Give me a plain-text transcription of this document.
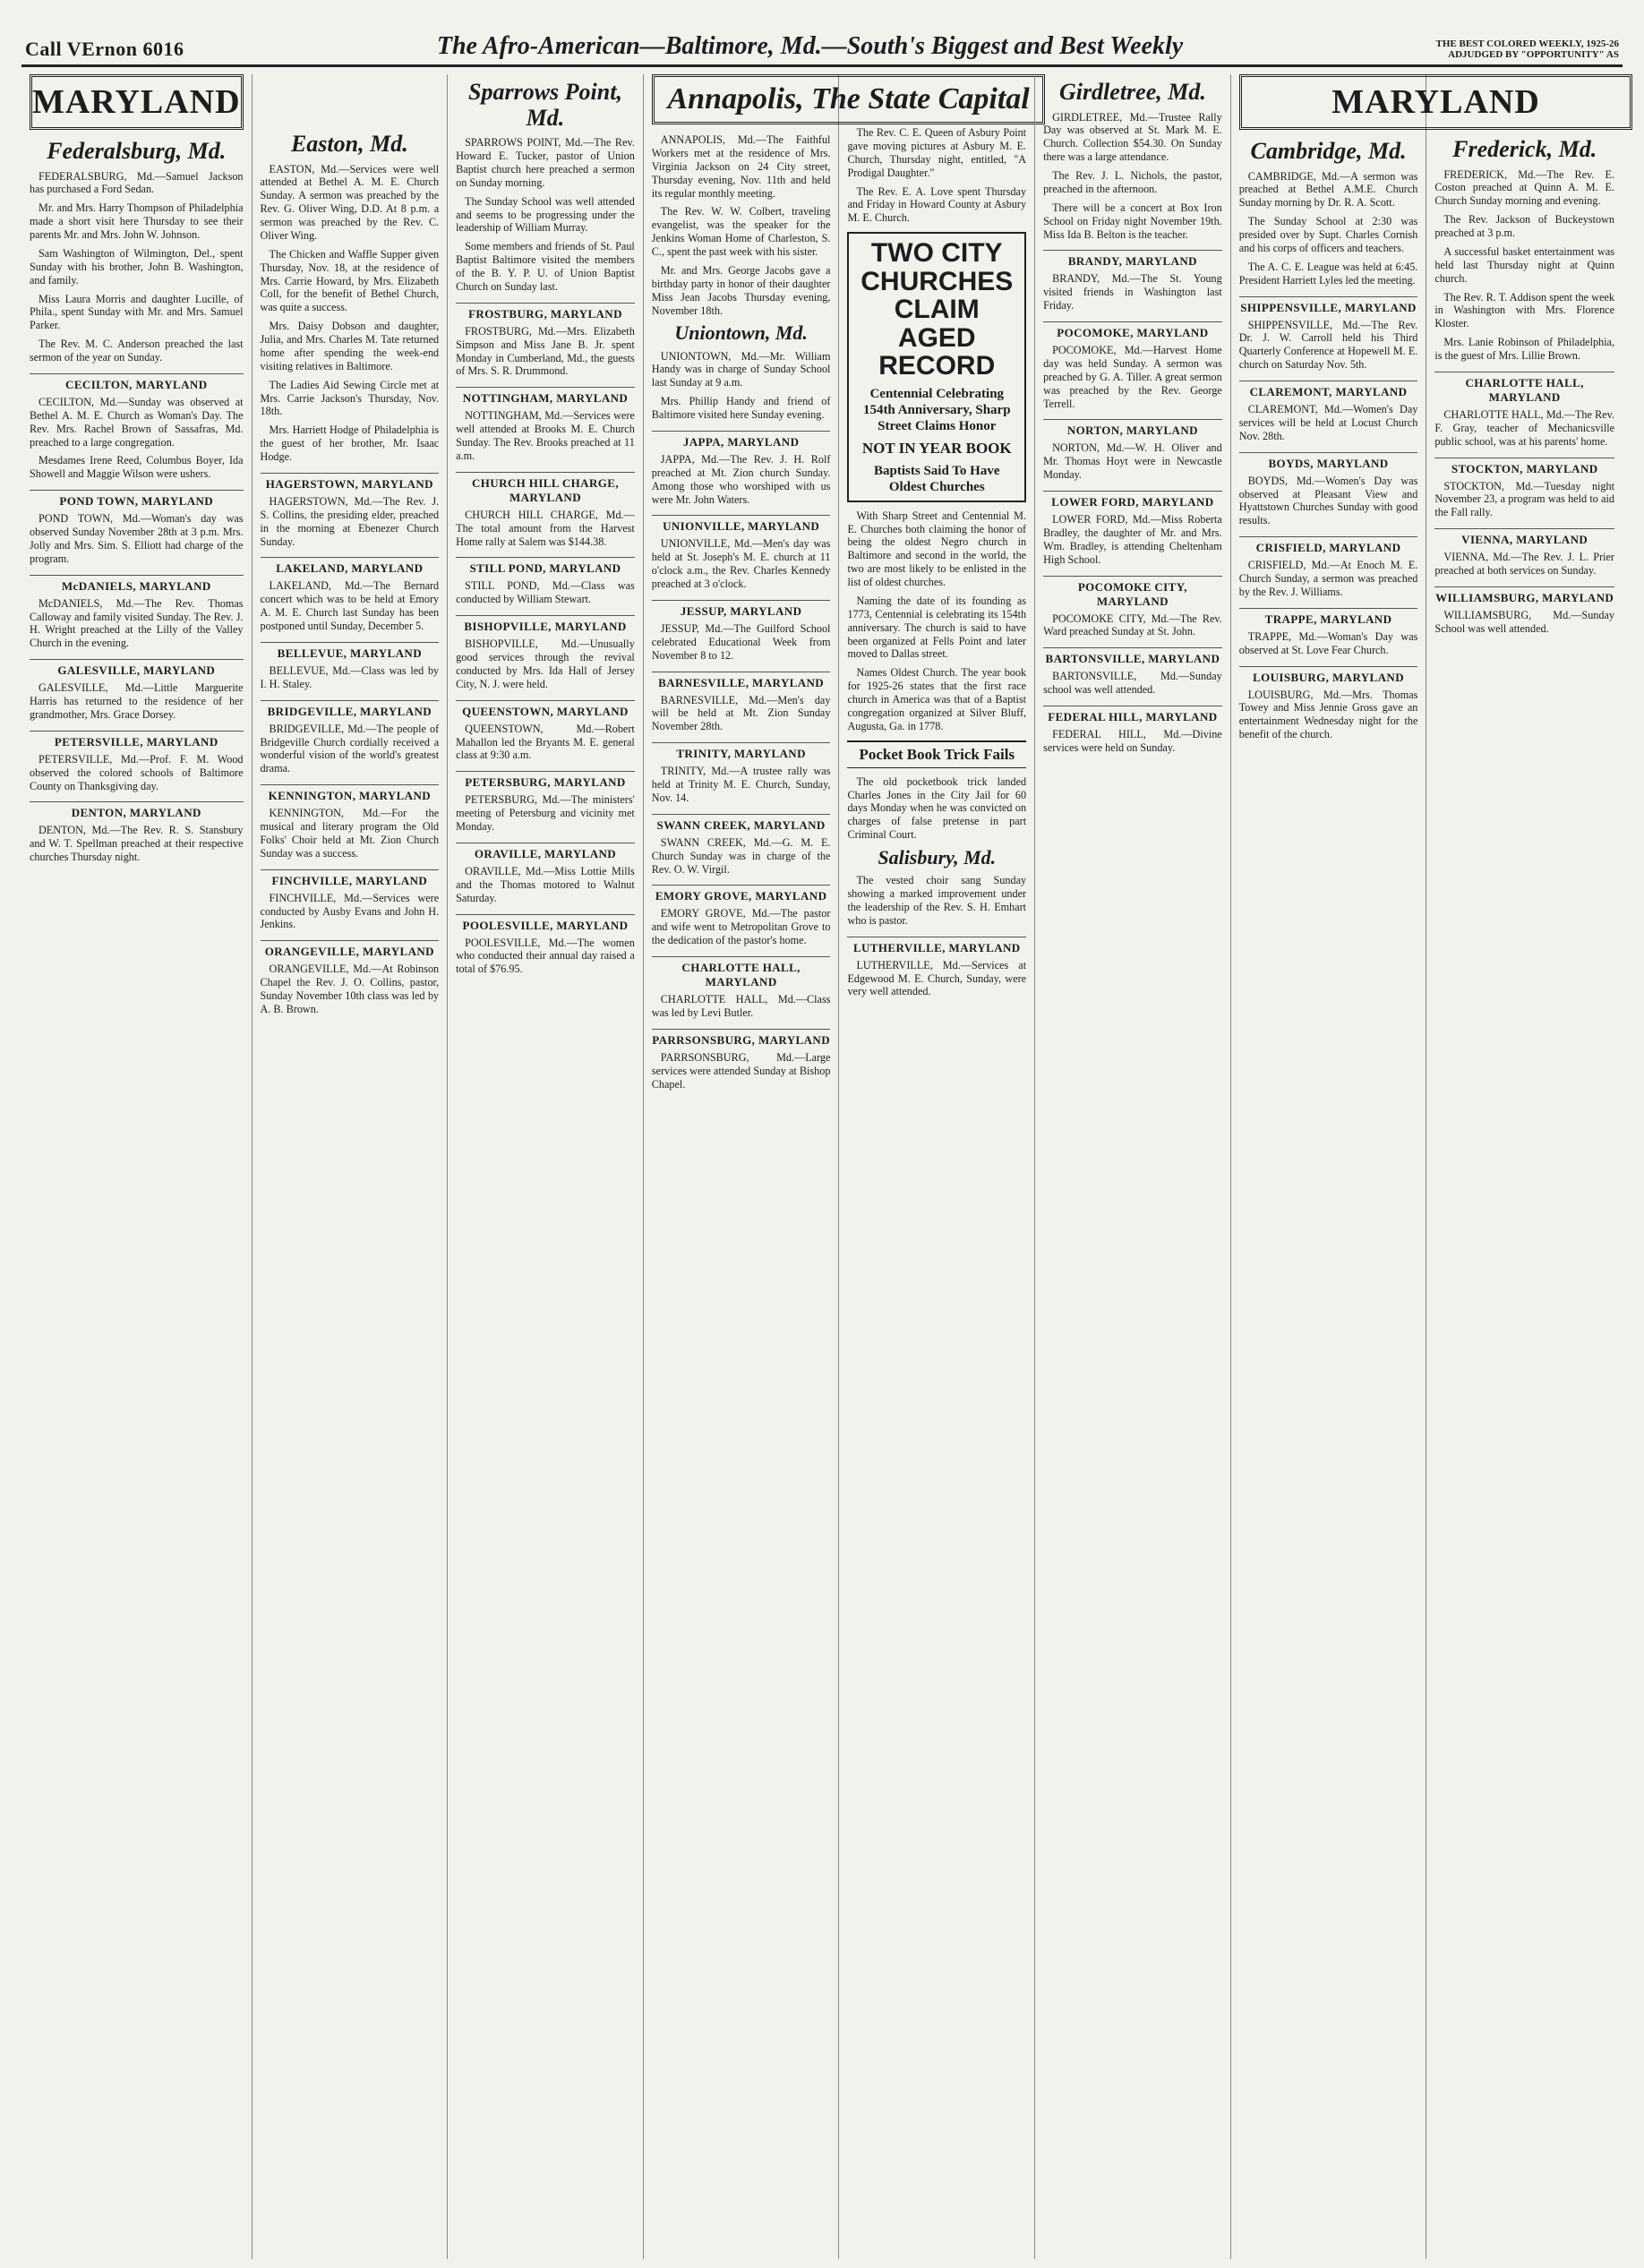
Call VErnon 6016	The Afro-American—Baltimore, Md.—South's Biggest and Best Weekly	THE BEST COLORED WEEKLY, 1925-26
ADJUDGED BY "OPPORTUNITY" AS
MARYLAND
Federalsburg, Md.

FEDERALSBURG, Md.—Samuel Jackson has purchased a Ford Sedan.

Mr. and Mrs. Harry Thompson of Philadelphia made a short visit here Thursday to see their parents Mr. and Mrs. John W. Johnson.

Sam Washington of Wilmington, Del., spent Sunday with his brother, John B. Washington, and family.

Miss Laura Morris and daughter Lucille, of Phila., spent Sunday with Mr. and Mrs. Samuel Parker.

The Rev. M. C. Anderson preached the last sermon of the year on Sunday.

CECILTON, MARYLAND

CECILTON, Md.—Sunday was observed at Bethel A. M. E. Church as Woman's Day. The Rev. Mrs. Rachel Brown of Sassafras, Md. preached to a large congregation.

Mesdames Irene Reed, Columbus Boyer, Ida Showell and Maggie Wilson were ushers.

POND TOWN, MARYLAND

POND TOWN, Md.—Woman's day was observed Sunday November 28th at 3 p.m. Mrs. Jolly and Mrs. Sim. S. Elliott had charge of the program.

McDANIELS, MARYLAND

McDANIELS, Md.—The Rev. Thomas Calloway and family visited Sunday. The Rev. J. H. Wright preached at the Lilly of the Valley Church in the evening.

GALESVILLE, MARYLAND

GALESVILLE, Md.—Little Marguerite Harris has returned to the residence of her grandmother, Mrs. Grace Dorsey.

PETERSVILLE, MARYLAND

PETERSVILLE, Md.—Prof. F. M. Wood observed the colored schools of Baltimore County on Thanksgiving day.

DENTON, MARYLAND

DENTON, Md.—The Rev. R. S. Stansbury and W. T. Spellman preached at their respective churches Thursday night.

Easton, Md.

EASTON, Md.—Services were well attended at Bethel A. M. E. Church Sunday. A sermon was preached by the Rev. G. Oliver Wing, D.D. At 8 p.m. a sermon was preached by the Rev. C. Oliver Wing.

The Chicken and Waffle Supper given Thursday, Nov. 18, at the residence of Mrs. Carrie Howard, by Mrs. Elizabeth Coll, for the benefit of Bethel Church, was quite a success.

Mrs. Daisy Dobson and daughter, Julia, and Mrs. Charles M. Tate returned home after spending the week-end visiting relatives in Baltimore.

The Ladies Aid Sewing Circle met at Mrs. Carrie Jackson's Thursday, Nov. 18th.

Mrs. Harriett Hodge of Philadelphia is the guest of her brother, Mr. Isaac Hodge.

HAGERSTOWN, MARYLAND

HAGERSTOWN, Md.—The Rev. J. S. Collins, the presiding elder, preached in the morning at Ebenezer Church Sunday.

LAKELAND, MARYLAND

LAKELAND, Md.—The Bernard concert which was to be held at Emory A. M. E. Church last Sunday has been postponed until Sunday, December 5.

BELLEVUE, MARYLAND

BELLEVUE, Md.—Class was led by I. H. Staley.

BRIDGEVILLE, MARYLAND

BRIDGEVILLE, Md.—The people of Bridgeville Church cordially received a wonderful vision of the world's greatest drama.

KENNINGTON, MARYLAND

KENNINGTON, Md.—For the musical and literary program the Old Folks' Choir held at Mt. Zion Church Sunday was a success.

FINCHVILLE, MARYLAND

FINCHVILLE, Md.—Services were conducted by Ausby Evans and John H. Jenkins.

ORANGEVILLE, MARYLAND

ORANGEVILLE, Md.—At Robinson Chapel the Rev. J. O. Collins, pastor, Sunday November 10th class was led by A. B. Brown.

Sparrows Point, Md.

SPARROWS POINT, Md.—The Rev. Howard E. Tucker, pastor of Union Baptist church here preached a sermon on Sunday morning.

The Sunday School was well attended and seems to be progressing under the leadership of William Murray.

Some members and friends of St. Paul Baptist Baltimore visited the members of the B. Y. P. U. of Union Baptist Church on Sunday last.

FROSTBURG, MARYLAND

FROSTBURG, Md.—Mrs. Elizabeth Simpson and Miss Jane B. Jr. spent Monday in Cumberland, Md., the guests of Mrs. S. R. Drummond.

NOTTINGHAM, MARYLAND

NOTTINGHAM, Md.—Services were well attended at Brooks M. E. Church Sunday. The Rev. Brooks preached at 11 a.m.

CHURCH HILL CHARGE, MARYLAND

CHURCH HILL CHARGE, Md.—The total amount from the Harvest Home rally at Salem was $144.38.

STILL POND, MARYLAND

STILL POND, Md.—Class was conducted by William Stewart.

BISHOPVILLE, MARYLAND

BISHOPVILLE, Md.—Unusually good services through the revival conducted by Mrs. Ida Hall of Jersey City, N. J. were held.

QUEENSTOWN, MARYLAND

QUEENSTOWN, Md.—Robert Mahallon led the Bryants M. E. general class at 9:30 a.m.

PETERSBURG, MARYLAND

PETERSBURG, Md.—The ministers' meeting of Petersburg and vicinity met Monday.

ORAVILLE, MARYLAND

ORAVILLE, Md.—Miss Lottie Mills and the Thomas motored to Walnut Saturday.

POOLESVILLE, MARYLAND

POOLESVILLE, Md.—The women who conducted their annual day raised a total of $76.95.

Annapolis, The State Capital

ANNAPOLIS, Md.—The Faithful Workers met at the residence of Mrs. Virginia Jackson on 24 City street, Thursday evening, Nov. 11th and held its regular monthly meeting.

The Rev. W. W. Colbert, traveling evangelist, was the speaker for the Jenkins Woman Home of Charleston, S. C., spent the past week with his sister.

Mr. and Mrs. George Jacobs gave a birthday party in honor of their daughter Miss Jean Jacobs Thursday evening, November 18th.

Uniontown, Md.

UNIONTOWN, Md.—Mr. William Handy was in charge of Sunday School last Sunday at 9 a.m.

Mrs. Phillip Handy and friend of Baltimore visited here Sunday evening.

JAPPA, MARYLAND

JAPPA, Md.—The Rev. J. H. Rolf preached at Mt. Zion church Sunday. Among those who worshiped with us were Mr. John Waters.

UNIONVILLE, MARYLAND

UNIONVILLE, Md.—Men's day was held at St. Joseph's M. E. church at 11 o'clock a.m., the Rev. Charles Kennedy preached at 3 o'clock.

JESSUP, MARYLAND

JESSUP, Md.—The Guilford School celebrated Educational Week from November 8 to 12.

BARNESVILLE, MARYLAND

BARNESVILLE, Md.—Men's day will be held at Mt. Zion Sunday November 28th.

TRINITY, MARYLAND

TRINITY, Md.—A trustee rally was held at Trinity M. E. Church, Sunday, Nov. 14.

SWANN CREEK, MARYLAND

SWANN CREEK, Md.—G. M. E. Church Sunday was in charge of the Rev. O. W. Virgil.

EMORY GROVE, MARYLAND

EMORY GROVE, Md.—The pastor and wife went to Metropolitan Grove to the dedication of the pastor's home.

CHARLOTTE HALL, MARYLAND

CHARLOTTE HALL, Md.—Class was led by Levi Butler.

PARRSONSBURG, MARYLAND

PARRSONSBURG, Md.—Large services were attended Sunday at Bishop Chapel.

The Rev. C. E. Queen of Asbury Point gave moving pictures at Asbury M. E. Church, Thursday night, entitled, "A Prodigal Daughter."

The Rev. E. A. Love spent Thursday and Friday in Howard County at Asbury M. E. Church.

TWO CITY CHURCHES CLAIM AGED RECORD
Centennial Celebrating 154th Anniversary, Sharp Street Claims Honor
NOT IN YEAR BOOK
Baptists Said To Have Oldest Churches

With Sharp Street and Centennial M. E. Churches both claiming the honor of being the oldest Negro church in Baltimore and second in the world, the two are most likely to be enlisted in the list of oldest churches.

Naming the date of its founding as 1773, Centennial is celebrating its 154th anniversary. The church is said to have been organized at Fells Point and later moved to Dallas street.

Names Oldest Church. The year book for 1925-26 states that the first race church in America was that of a Baptist congregation organized at Silver Bluff, Augusta, Ga. in 1778.

Pocket Book Trick Fails

The old pocketbook trick landed Charles Jones in the City Jail for 60 days Monday when he was convicted on charges of false pretense in part Criminal Court.

Salisbury, Md.

The vested choir sang Sunday showing a marked improvement under the leadership of the Rev. S. H. Emhart who is pastor.

LUTHERVILLE, MARYLAND

LUTHERVILLE, Md.—Services at Edgewood M. E. Church, Sunday, were very well attended.

Girdletree, Md.

GIRDLETREE, Md.—Trustee Rally Day was observed at St. Mark M. E. Church. Collection $54.30. On Sunday there was a large attendance.

The Rev. J. L. Nichols, the pastor, preached in the afternoon.

There will be a concert at Box Iron School on Friday night November 19th. Miss Ida B. Belton is the teacher.

BRANDY, MARYLAND

BRANDY, Md.—The St. Young visited friends in Washington last Friday.

POCOMOKE, MARYLAND

POCOMOKE, Md.—Harvest Home day was held Sunday. A sermon was preached by G. A. Tiller. A great sermon was preached by the Rev. George Terrell.

NORTON, MARYLAND

NORTON, Md.—W. H. Oliver and Mr. Thomas Hoyt were in Newcastle Monday.

LOWER FORD, MARYLAND

LOWER FORD, Md.—Miss Roberta Bradley, the daughter of Mr. and Mrs. Wm. Bradley, is attending Cheltenham High School.

POCOMOKE CITY, MARYLAND

POCOMOKE CITY, Md.—The Rev. Ward preached Sunday at St. John.

BARTONSVILLE, MARYLAND

BARTONSVILLE, Md.—Sunday school was well attended.

FEDERAL HILL, MARYLAND

FEDERAL HILL, Md.—Divine services were held on Sunday.

MARYLAND
Cambridge, Md.

CAMBRIDGE, Md.—A sermon was preached at Bethel A.M.E. Church Sunday morning by Dr. R. A. Scott.

The Sunday School at 2:30 was presided over by Supt. Charles Cornish and his corps of officers and teachers.

The A. C. E. League was held at 6:45. President Harriett Lyles led the meeting.

SHIPPENSVILLE, MARYLAND

SHIPPENSVILLE, Md.—The Rev. Dr. J. W. Carroll held his Third Quarterly Conference at Hopewell M. E. church on Saturday Nov. 5th.

CLAREMONT, MARYLAND

CLAREMONT, Md.—Women's Day services will be held at Locust Church Nov. 28th.

BOYDS, MARYLAND

BOYDS, Md.—Women's Day was observed at Pleasant View and Hyattstown Churches Sunday with good results.

CRISFIELD, MARYLAND

CRISFIELD, Md.—At Enoch M. E. Church Sunday, a sermon was preached by the Rev. J. Williams.

TRAPPE, MARYLAND

TRAPPE, Md.—Woman's Day was observed at St. Love Fear Church.

LOUISBURG, MARYLAND

LOUISBURG, Md.—Mrs. Thomas Towey and Miss Jennie Gross gave an entertainment Wednesday night for the benefit of the church.

Frederick, Md.

FREDERICK, Md.—The Rev. E. Coston preached at Quinn A. M. E. Church Sunday morning and evening.

The Rev. Jackson of Buckeystown preached at 3 p.m.

A successful basket entertainment was held last Thursday night at Quinn church.

The Rev. R. T. Addison spent the week in Washington with Mrs. Florence Kloster.

Mrs. Lanie Robinson of Philadelphia, is the guest of Mrs. Lillie Brown.

CHARLOTTE HALL, MARYLAND

CHARLOTTE HALL, Md.—The Rev. F. Gray, teacher of Mechanicsville public school, was at his parents' home.

STOCKTON, MARYLAND

STOCKTON, Md.—Tuesday night November 23, a program was held to aid the Fall rally.

VIENNA, MARYLAND

VIENNA, Md.—The Rev. J. L. Prier preached at both services on Sunday.

WILLIAMSBURG, MARYLAND

WILLIAMSBURG, Md.—Sunday School was well attended.
